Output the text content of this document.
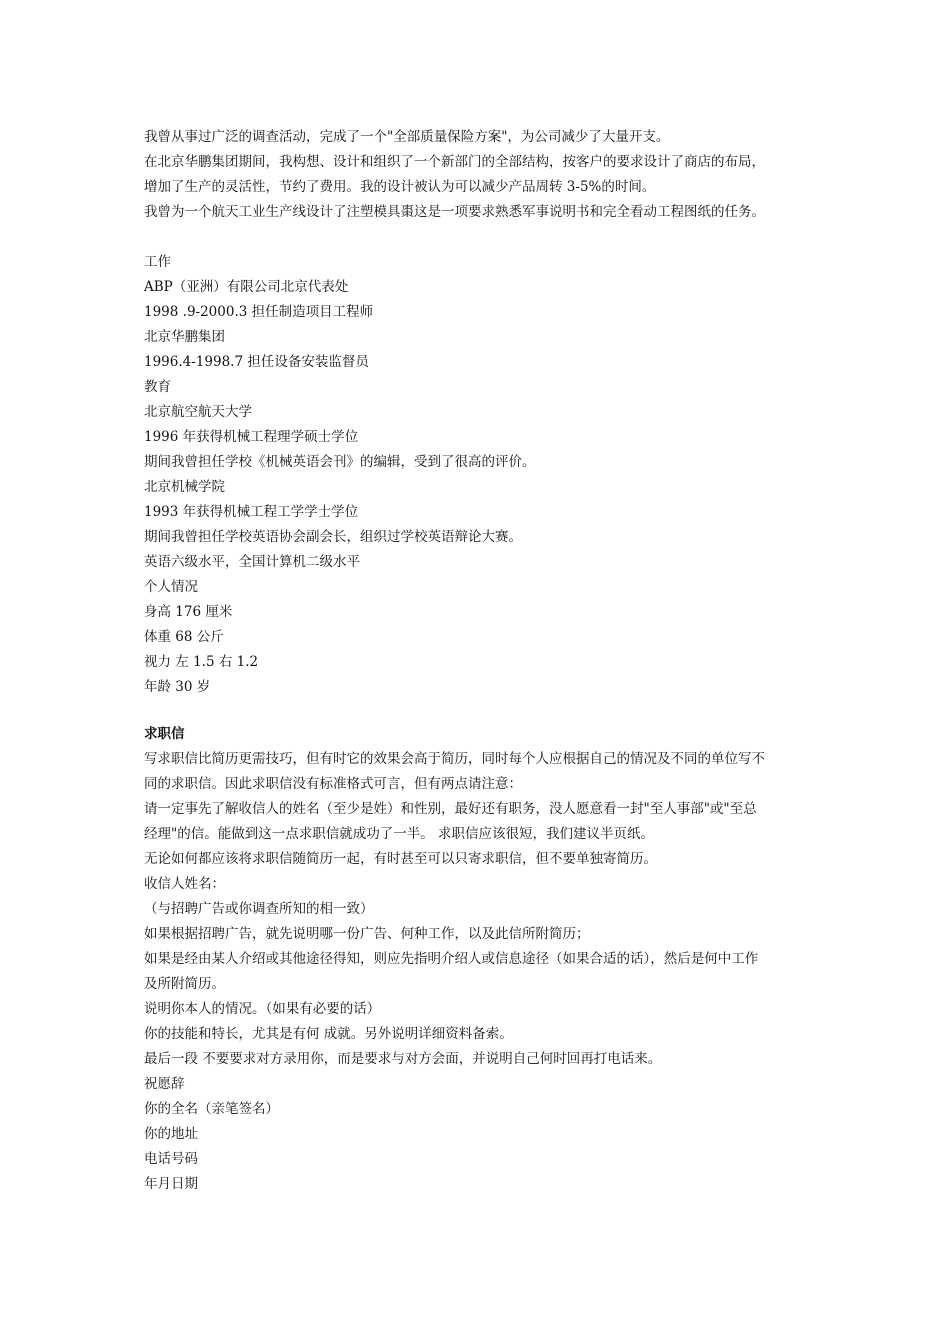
我曾从事过广泛的调查活动，完成了一个"全部质量保险方案"，为公司减少了大量开支。
在北京华鹏集团期间，我构想、设计和组织了一个新部门的全部结构，按客户的要求设计了商店的布局，
增加了生产的灵活性，节约了费用。我的设计被认为可以减少产品周转 3-5%的时间。
我曾为一个航天工业生产线设计了注塑模具棗这是一项要求熟悉军事说明书和完全看动工程图纸的任务。
工作
ABP（亚洲）有限公司北京代表处
1998 .9-2000.3 担任制造项目工程师
北京华鹏集团
1996.4-1998.7 担任设备安装监督员
教育
北京航空航天大学
1996 年获得机械工程理学硕士学位
期间我曾担任学校《机械英语会刊》的编辑，受到了很高的评价。
北京机械学院
1993 年获得机械工程工学学士学位
期间我曾担任学校英语协会副会长，组织过学校英语辩论大赛。
英语六级水平，全国计算机二级水平
个人情况
身高 176 厘米
体重 68 公斤
视力 左 1.5 右 1.2
年龄 30 岁
求职信
写求职信比简历更需技巧，但有时它的效果会高于简历，同时每个人应根据自己的情况及不同的单位写不
同的求职信。因此求职信没有标准格式可言，但有两点请注意：
请一定事先了解收信人的姓名（至少是姓）和性别，最好还有职务，没人愿意看一封"至人事部"或"至总
经理"的信。能做到这一点求职信就成功了一半。 求职信应该很短，我们建议半页纸。
无论如何都应该将求职信随简历一起，有时甚至可以只寄求职信，但不要单独寄简历。
收信人姓名：
（与招聘广告或你调查所知的相一致）
如果根据招聘广告，就先说明哪一份广告、何种工作，以及此信所附简历；
如果是经由某人介绍或其他途径得知，则应先指明介绍人或信息途径（如果合适的话），然后是何中工作
及所附简历。
说明你本人的情况。（如果有必要的话）
你的技能和特长，尤其是有何 成就。另外说明详细资料备索。
最后一段 不要要求对方录用你，而是要求与对方会面，并说明自己何时回再打电话来。
祝愿辞
你的全名（亲笔签名）
你的地址
电话号码
年月日期
